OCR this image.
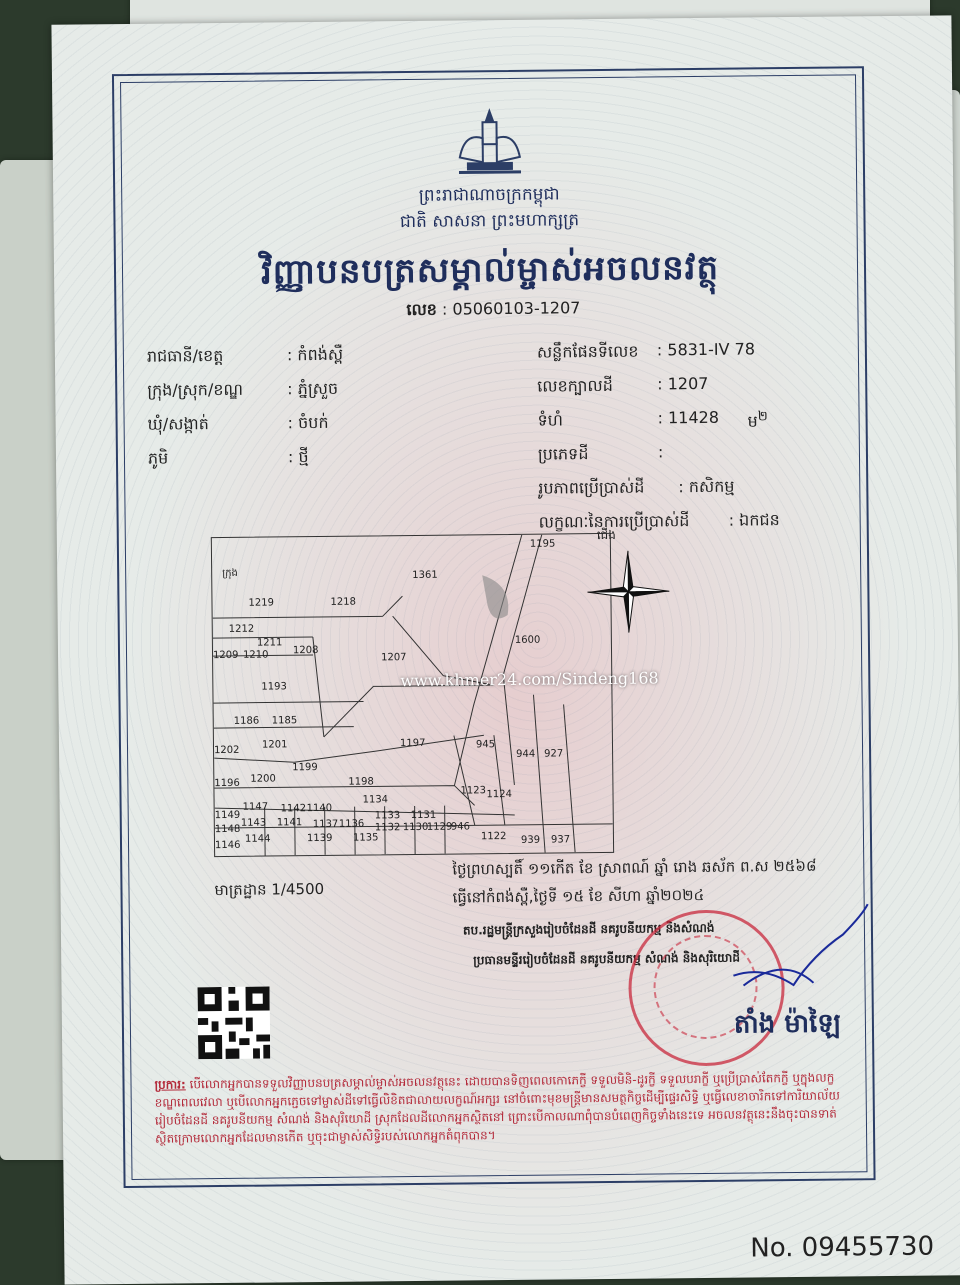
ព្រះរាជាណាចក្រកម្ពុជា
ជាតិ សាសនា ព្រះមហាក្សត្រ
វិញ្ញាបនបត្រសម្គាល់ម្ចាស់អចលនវត្ថុ
លេខ : 05060103-1207
រាជធានី/ខេត្ត	: កំពង់ស្ពឺ
ក្រុង/ស្រុក/ខណ្ឌ	: ភ្នំស្រួច
ឃុំ/សង្កាត់	: ចំបក់
ភូមិ	: ថ្មី
សន្លឹកផែនទីលេខ : 5831-IV 78
លេខក្បាលដី	: 1207
ទំហំ	: 11428 ម$^២$
ប្រភេទដី	:
រូបភាពប្រើប្រាស់ដី : កសិកម្ម
លក្ខណៈនៃការប្រើប្រាស់ដី : ឯកជន
1195
1361
ក្រុង
1219	1218
1212
1211
1209 1210 1208
1207
1600
1193
1186 1185
1202 1201	1197	945
944 927
1199
1196 1200	1198
1123 1124
1134
1149
1147 1142 1140
1133 1131
1148
1143 1141 1137 1136 1132 1130
1129
946
1122
1146
1144	1139 1135	939 937
ជើង
www.khmer24.com/Sindeng168
មាត្រដ្ឋាន 1/4500
ថ្ងៃព្រហស្បតិ៍ ១១កើត ខែ ស្រាពណ៍ ឆ្នាំ រោង ឆស័ក ព.ស ២៥៦៨
ធ្វើនៅកំពង់ស្ពឺ,ថ្ងៃទី ១៥ ខែ សីហា ឆ្នាំ២០២៤
តប.រដ្ឋមន្ត្រីក្រសួងរៀបចំដែនដី នគរូបនីយកម្ម និងសំណង់
ប្រធានមន្ទីររៀបចំដែនដី នគរូបនីយកម្ម សំណង់ និងសុរិយោដី
តាំង ម៉ាឡៃ
ប្រការ: បើលោកអ្នកបានទទួលវិញ្ញាបនបត្រសម្គាល់ម្ចាស់អចលនវត្ថុនេះ ដោយបានទិញពេលកោភេក្ខី ទទួលមិនិ-ដូរក្ខី ទទួលបរាក្ខី ឬប្រើប្រាស់តែកក្ខី ឬក្នុងលក្ខខណ្ឌពេលវេលា ឬបើលោកអ្នកភ្ជេចទៅម្ចាស់ដីទៅធ្វើលិខិតជាលាយលក្ខណ៍អក្សរ នៅចំពោះមុខមន្ត្រីមានសមត្ថកិច្ចដើម្បីផ្ទេរសិទ្ធិ ឬធ្វើលេខាចារិកទៅការិយាល័យរៀបចំដែនដី នគរូបនីយកម្ម សំណង់ និងសុរិយោដី ស្រុកដែលដីលោកអ្នកស្ថិតនៅ ព្រោះបើកាលណាពុំបានបំពេញកិច្ចទាំងនេះទេ អចលនវត្ថុនេះនឹងចុះបានទាត់ស្ថិតក្រោមលោកអ្នកដែលមានកើត ឬចុះជាម្ចាស់សិទ្ធិរបស់លោកអ្នកតំពុកបាន។
No. 09455730
